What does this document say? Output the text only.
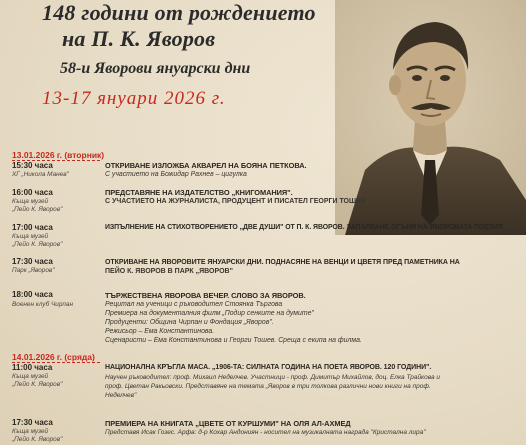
148 години от рождението
на П. К. Яворов
58-и Яворови януарски дни
13-17 януари 2026 г.
13.01.2026 г. (вторник)
15:30 часа
ХГ „Никола Манев"
ОТКРИВАНЕ ИЗЛОЖБА АКВАРЕЛ НА БОЯНА ПЕТКОВА.
С участието на Божидар Рахнев – цигулка
16:00 часа
Къща музей
„Пейо К. Яворов"
ПРЕДСТАВЯНЕ НА ИЗДАТЕЛСТВО „КНИГОМАНИЯ".
С УЧАСТИЕТО НА ЖУРНАЛИСТА, ПРОДУЦЕНТ И ПИСАТЕЛ ГЕОРГИ ТОШЕВ
17:00 часа
Къща музей
„Пейо К. Яворов"
ИЗПЪЛНЕНИЕ НА СТИХОТВОРЕНИЕТО „ДВЕ ДУШИ" ОТ П. К. ЯВОРОВ. ЗАПАЛВАНЕ ОГЪНЯ НА ЯВОРОВАТА ПОЕЗИЯ
17:30 часа
Парк „Яворов"
ОТКРИВАНЕ НА ЯВОРОВИТЕ ЯНУАРСКИ ДНИ. ПОДНАСЯНЕ НА ВЕНЦИ И ЦВЕТЯ ПРЕД ПАМЕТНИКА НА
ПЕЙО К. ЯВОРОВ В ПАРК „ЯВОРОВ"
18:00 часа
Военен клуб Чирпан
ТЪРЖЕСТВЕНА ЯВОРОВА ВЕЧЕР. СЛОВО ЗА ЯВОРОВ.
Рецитал на ученици с ръководител Стоянка Търгова
Премиера на документалния филм „Подир сенките на думите"
Продуценти: Община Чирпан и Фондация „Яворов".
Режисьор – Ема Константинова.
Сценаристи – Ема Константинова и Георги Тошев. Среща с екипа на филма.
14.01.2026 г. (сряда)
11:00 часа
Къща музей
„Пейо К. Яворов"
НАЦИОНАЛНА КРЪГЛА МАСА. „1906-ТА: СИЛНАТА ГОДИНА НА ПОЕТА ЯВОРОВ. 120 ГОДИНИ".
Научен ръководител: проф. Михаил Неделчев. Участници - проф. Димитър Михайлов, доц. Елка Трайкова и
проф. Цветан Ракьовски. Представяне на темата „Яворов в три толкова различни нови книги на проф.
Неделчев"
17:30 часа
Къща музей
„Пейо К. Яворов"
ПРЕМИЕРА НА КНИГАТА „ЦВЕТЕ ОТ КУРШУМИ" НА ОЛЯ АЛ-АХМЕД
Представя Исак Гозес. Арфа: д-р Кохар Андониян - носител на музикалната награда "Кристална лира"
